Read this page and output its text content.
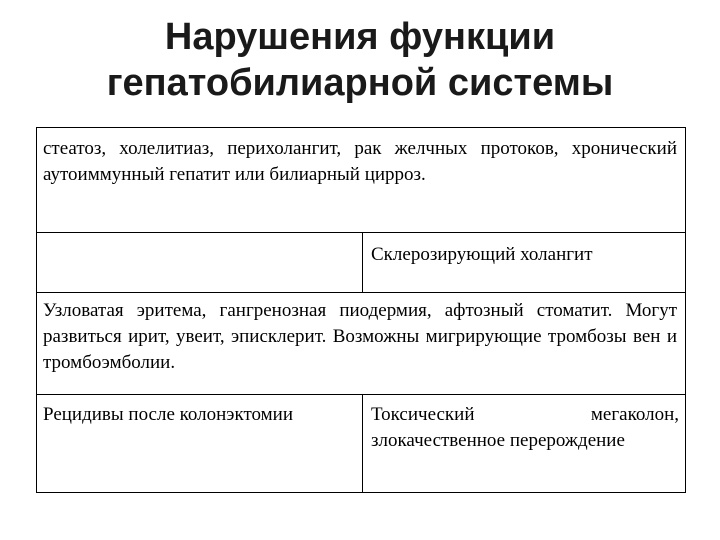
Нарушения функции
гепатобилиарной системы
стеатоз, холелитиаз, перихолангит, рак желчных протоков, хронический аутоиммунный гепатит или билиарный цирроз.
Склерозирующий холангит
Узловатая эритема, гангренозная пиодермия, афтозный стоматит. Могут развиться ирит, увеит, эписклерит. Возможны мигрирующие тромбозы вен и тромбоэмболии.
Рецидивы после колонэктомии	Токсический мегаколон, злокачественное перерождение
